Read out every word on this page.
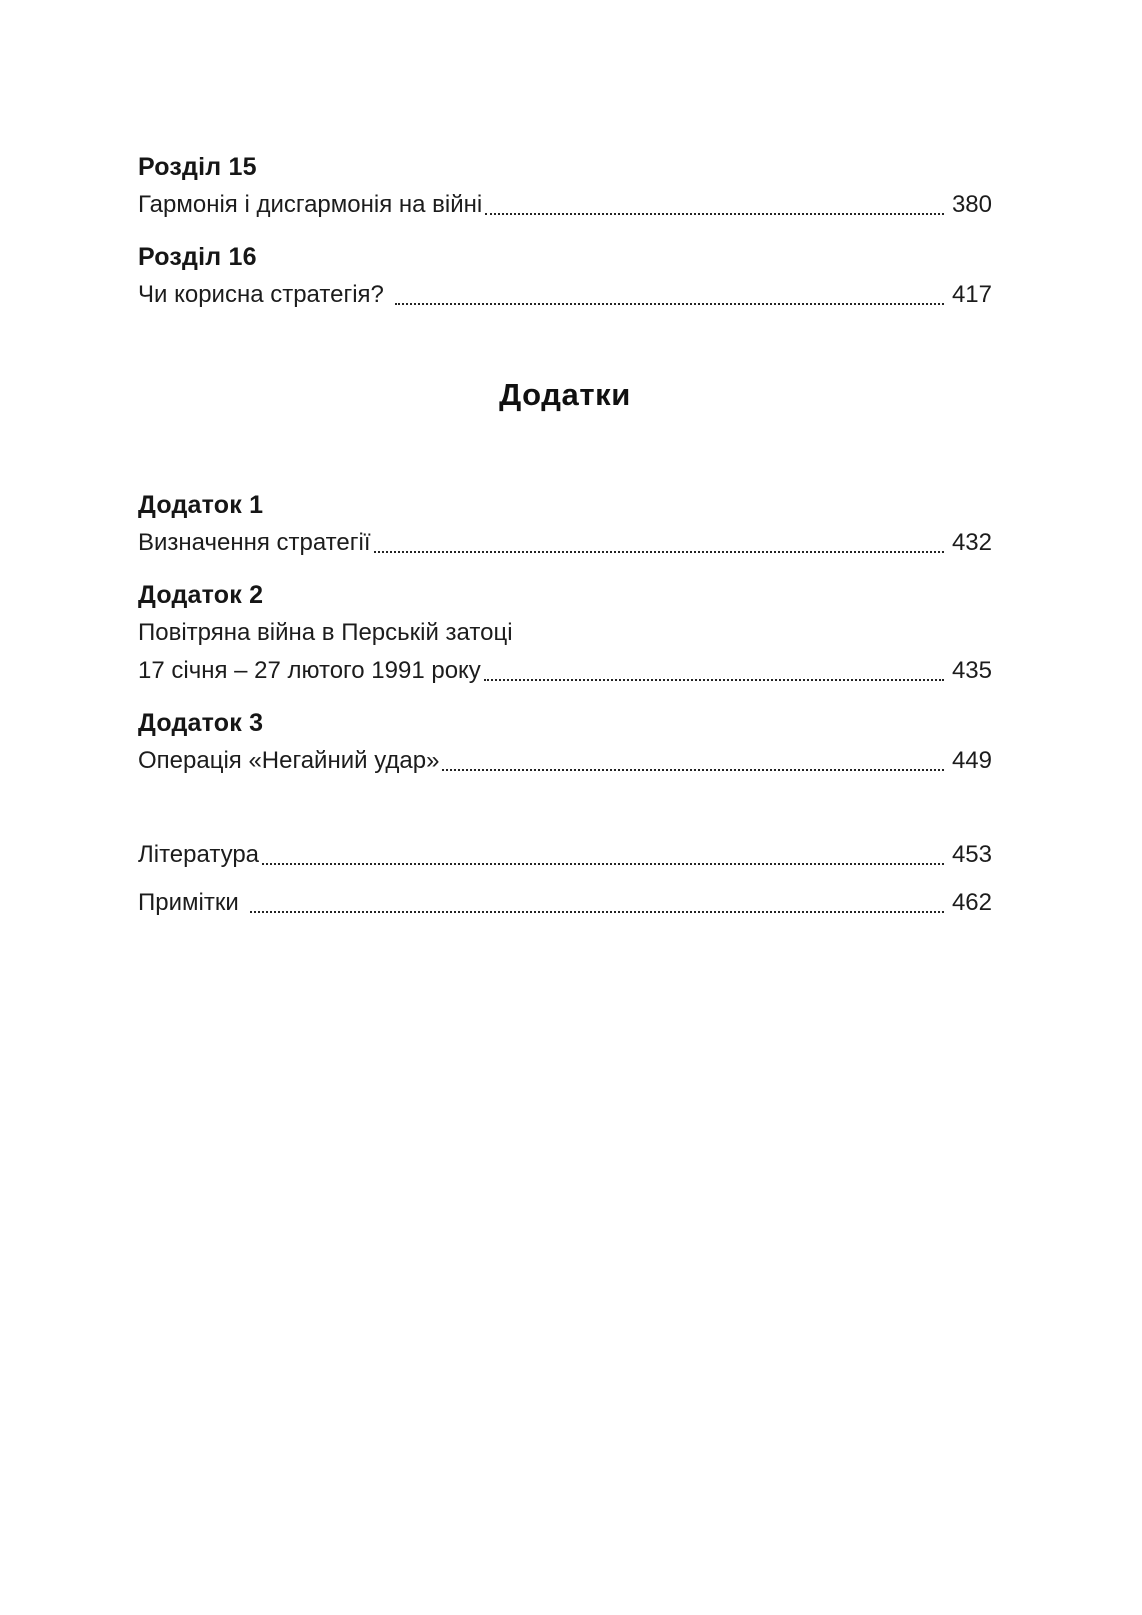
Розділ 15
Гармонія і дисгармонія на війні	380
Розділ 16
Чи корисна стратегія?	417
Додатки
Додаток 1
Визначення стратегії	432
Додаток 2
Повітряна війна в Перській затоці
17 січня – 27 лютого 1991 року	435
Додаток 3
Операція «Негайний удар»	449
Література	453
Примітки	462
